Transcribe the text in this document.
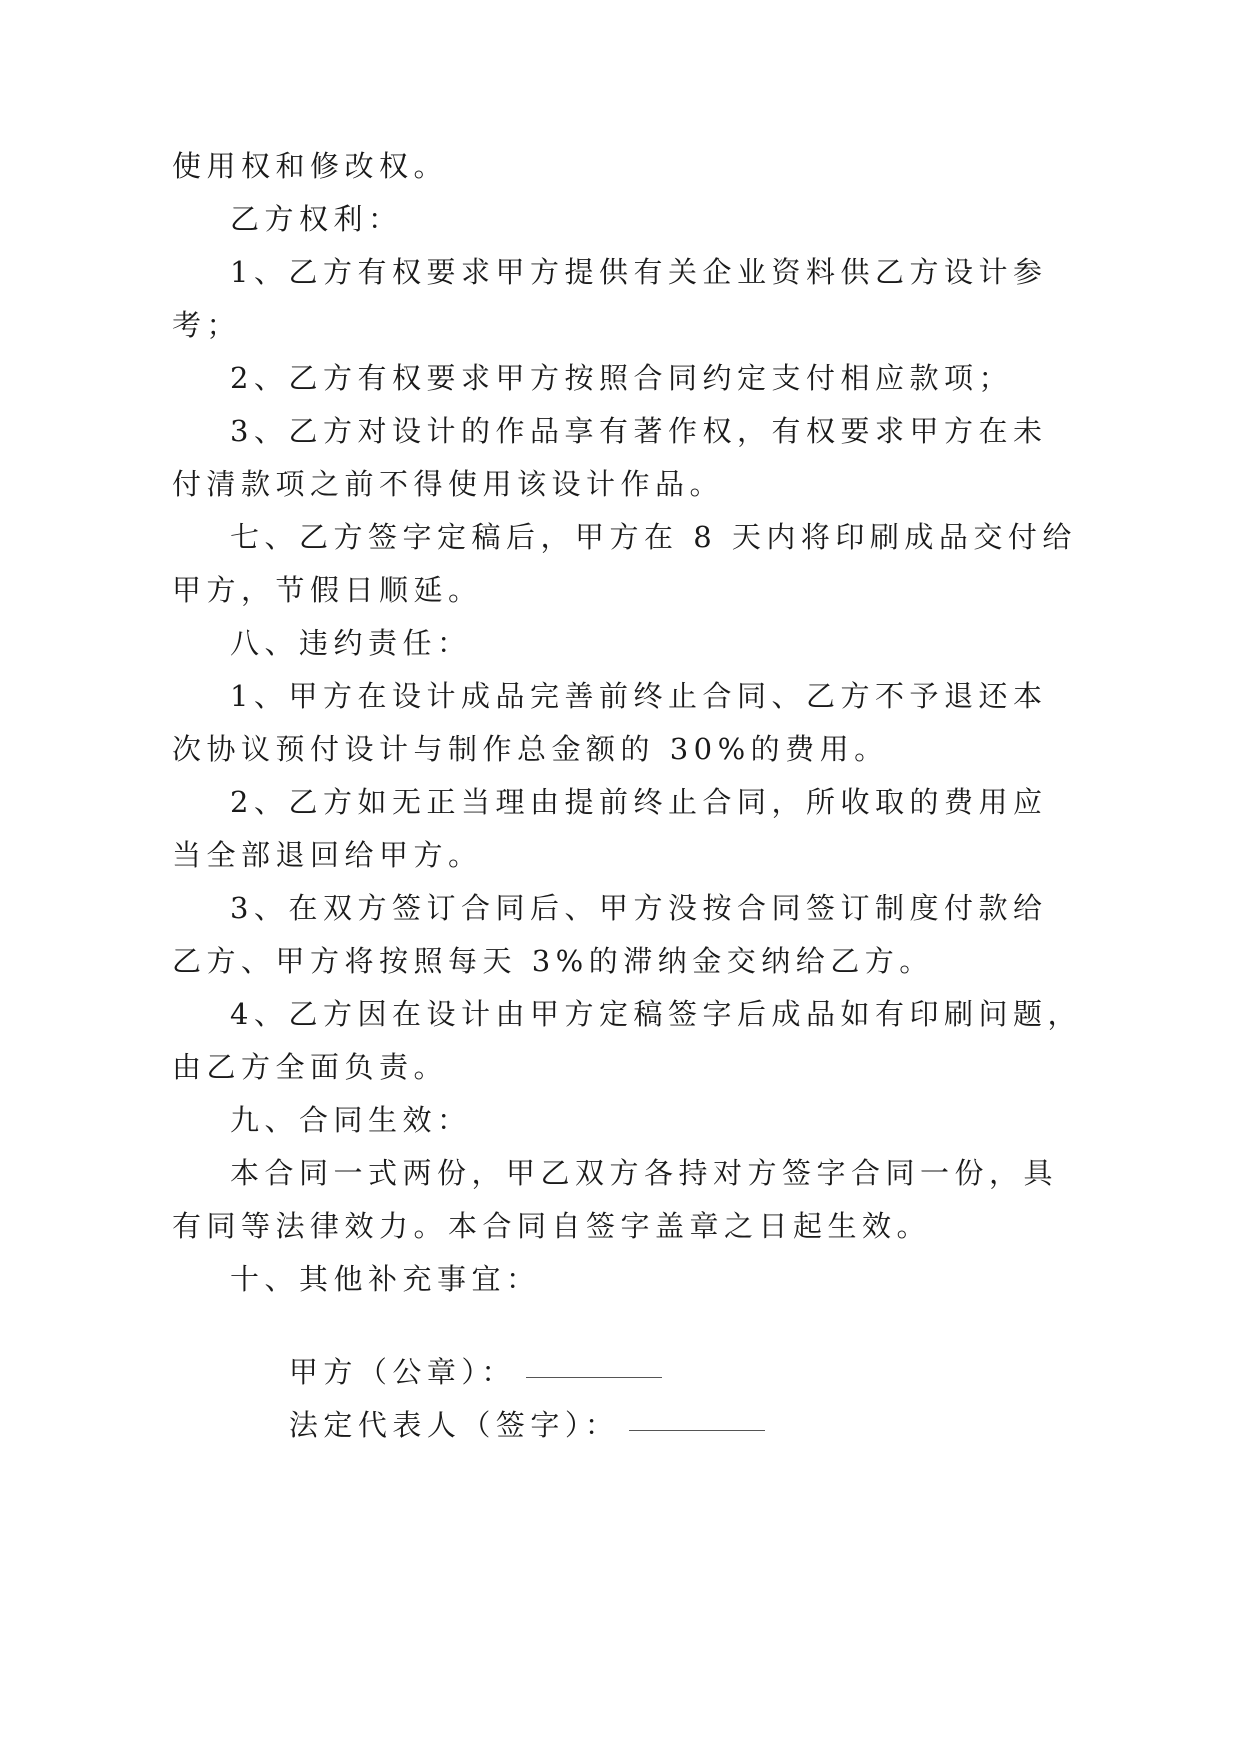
使用权和修改权。
乙方权利：
1、乙方有权要求甲方提供有关企业资料供乙方设计参
考；
2、乙方有权要求甲方按照合同约定支付相应款项；
3、乙方对设计的作品享有著作权，有权要求甲方在未
付清款项之前不得使用该设计作品。
七、乙方签字定稿后，甲方在 8 天内将印刷成品交付给
甲方，节假日顺延。
八、违约责任：
1、甲方在设计成品完善前终止合同、乙方不予退还本
次协议预付设计与制作总金额的 30%的费用。
2、乙方如无正当理由提前终止合同，所收取的费用应
当全部退回给甲方。
3、在双方签订合同后、甲方没按合同签订制度付款给
乙方、甲方将按照每天 3%的滞纳金交纳给乙方。
4、乙方因在设计由甲方定稿签字后成品如有印刷问题，
由乙方全面负责。
九、合同生效：
本合同一式两份，甲乙双方各持对方签字合同一份，具
有同等法律效力。本合同自签字盖章之日起生效。
十、其他补充事宜：

甲方（公章）：

法定代表人（签字）：
